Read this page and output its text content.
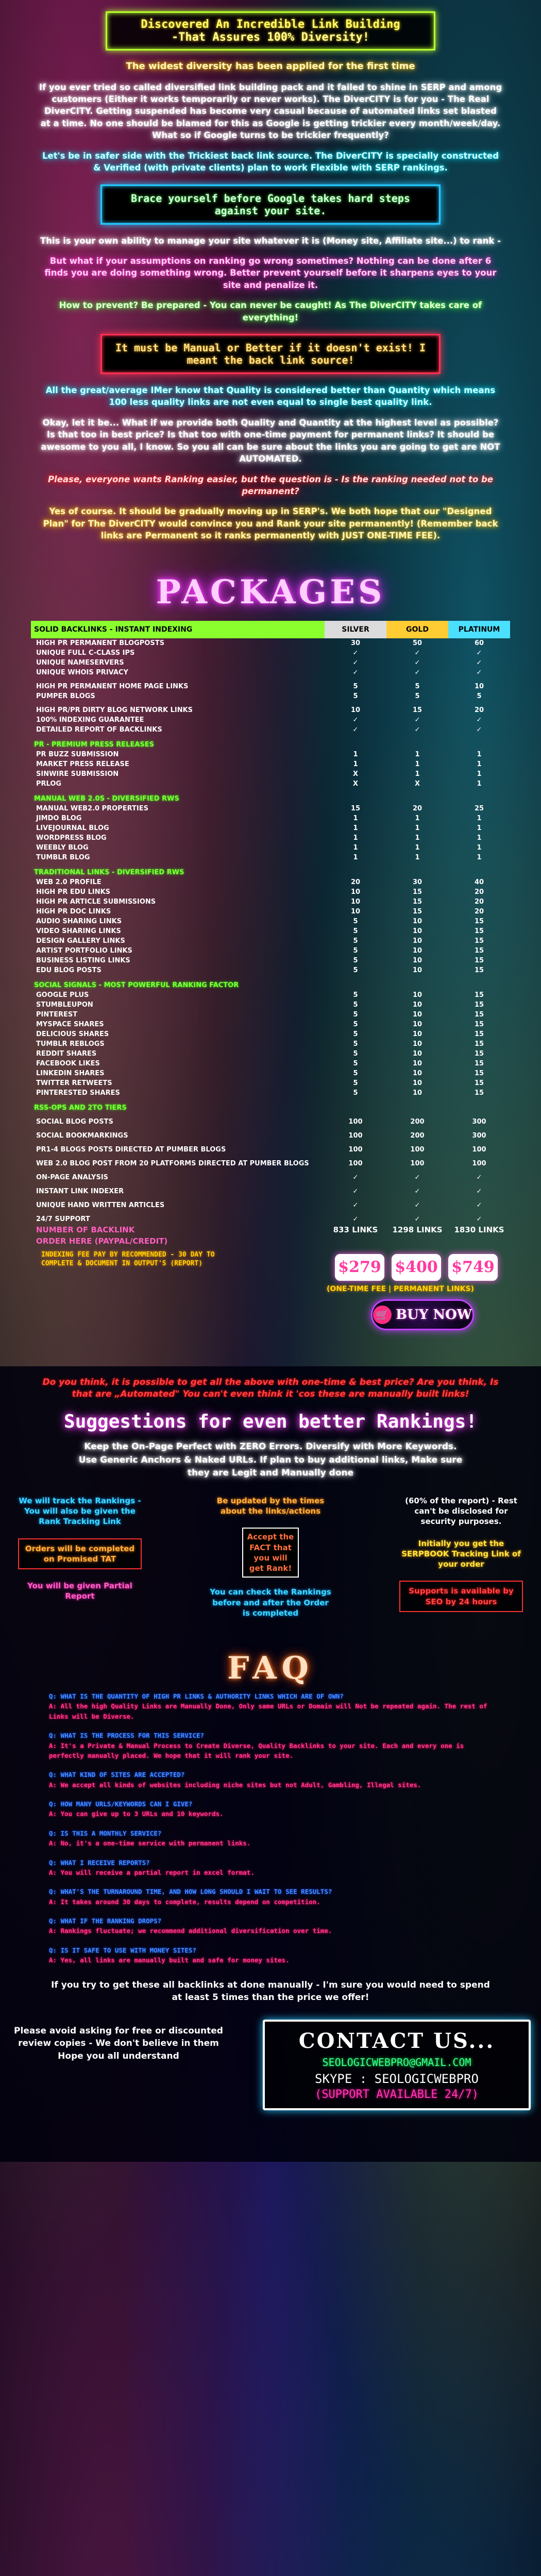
Discovered An Incredible Link Building
-That Assures 100% Diversity!

The widest diversity has been applied for the first time

If you ever tried so called diversified link building pack and it failed to shine in SERP and among customers (Either it works temporarily or never works). The DiverCITY is for you - The Real DiverCITY. Getting suspended has become very casual because of automated links set blasted at a time. No one should be blamed for this as Google is getting trickier every month/week/day. What so if Google turns to be trickier frequently?

Let's be in safer side with the Trickiest back link source. The DiverCITY is specially constructed & Verified (with private clients) plan to work Flexible with SERP rankings.

Brace yourself before Google takes hard steps against your site.

This is your own ability to manage your site whatever it is (Money site, Affiliate site...) to rank -

But what if your assumptions on ranking go wrong sometimes? Nothing can be done after 6 finds you are doing something wrong. Better prevent yourself before it sharpens eyes to your site and penalize it.

How to prevent? Be prepared - You can never be caught! As The DiverCITY takes care of everything!

It must be Manual or Better if it doesn't exist! I meant the back link source!

All the great/average IMer know that Quality is considered better than Quantity which means 100 less quality links are not even equal to single best quality link.

Okay, let it be... What if we provide both Quality and Quantity at the highest level as possible? Is that too in best price? Is that too with one-time payment for permanent links? It should be awesome to you all, I know. So you all can be sure about the links you are going to get are NOT AUTOMATED.

Please, everyone wants Ranking easier, but the question is - Is the ranking needed not to be permanent?

Yes of course. It should be gradually moving up in SERP's. We both hope that our "Designed Plan" for The DiverCITY would convince you and Rank your site permanently! (Remember back links are Permanent so it ranks permanently with JUST ONE-TIME FEE).

PACKAGES
SOLID BACKLINKS - INSTANT INDEXING	SILVER	GOLD	PLATINUM
HIGH PR PERMANENT BLOGPOSTS	30	50	60
UNIQUE FULL C-CLASS IPS	✓	✓	✓
UNIQUE NAMESERVERS	✓	✓	✓
UNIQUE WHOIS PRIVACY	✓	✓	✓

HIGH PR PERMANENT HOME PAGE LINKS	5	5	10
PUMPER BLOGS	5	5	5

HIGH PR/PR DIRTY BLOG NETWORK LINKS	10	15	20
100% INDEXING GUARANTEE	✓	✓	✓
DETAILED REPORT OF BACKLINKS	✓	✓	✓
PR - PREMIUM PRESS RELEASES			
PR BUZZ SUBMISSION	1	1	1
MARKET PRESS RELEASE	1	1	1
SINWIRE SUBMISSION	X	1	1
PRLOG	X	X	1
MANUAL WEB 2.0S - DIVERSIFIED RWS			
MANUAL WEB2.0 PROPERTIES	15	20	25
JIMDO BLOG	1	1	1
LIVEJOURNAL BLOG	1	1	1
WORDPRESS BLOG	1	1	1
WEEBLY BLOG	1	1	1
TUMBLR BLOG	1	1	1
TRADITIONAL LINKS - DIVERSIFIED RWS			
WEB 2.0 PROFILE	20	30	40
HIGH PR EDU LINKS	10	15	20
HIGH PR ARTICLE SUBMISSIONS	10	15	20
HIGH PR DOC LINKS	10	15	20
AUDIO SHARING LINKS	5	10	15
VIDEO SHARING LINKS	5	10	15
DESIGN GALLERY LINKS	5	10	15
ARTIST PORTFOLIO LINKS	5	10	15
BUSINESS LISTING LINKS	5	10	15
EDU BLOG POSTS	5	10	15
SOCIAL SIGNALS - MOST POWERFUL RANKING FACTOR			
GOOGLE PLUS	5	10	15
STUMBLEUPON	5	10	15
PINTEREST	5	10	15
MYSPACE SHARES	5	10	15
DELICIOUS SHARES	5	10	15
TUMBLR REBLOGS	5	10	15
REDDIT SHARES	5	10	15
FACEBOOK LIKES	5	10	15
LINKEDIN SHARES	5	10	15
TWITTER RETWEETS	5	10	15
PINTERESTED SHARES	5	10	15
RSS-OPS AND 2TO TIERS			

SOCIAL BLOG POSTS	100	200	300

SOCIAL BOOKMARKINGS	100	200	300

PR1-4 BLOGS POSTS DIRECTED AT PUMBER BLOGS	100	100	100

WEB 2.0 BLOG POST FROM 20 PLATFORMS DIRECTED AT PUMBER BLOGS	100	100	100

ON-PAGE ANALYSIS	✓	✓	✓

INSTANT LINK INDEXER	✓	✓	✓

UNIQUE HAND WRITTEN ARTICLES	✓	✓	✓

24/7 SUPPORT	✓	✓	✓
NUMBER OF BACKLINK	833 LINKS	1298 LINKS	1830 LINKS
ORDER HERE (PAYPAL/CREDIT)			
$279 $400 $749
INDEXING FEE PAY BY RECOMMENDED - 30 DAY TO COMPLETE & DOCUMENT IN OUTPUT'S (REPORT)
(ONE-TIME FEE | PERMANENT LINKS)
🛒 BUY NOW
Do you think, it is possible to get all the above with one-time & best price? Are you think, Is that are „Automated" You can't even think it 'cos these are manually built links!
Suggestions for even better Rankings!
Keep the On-Page Perfect with ZERO Errors. Diversify with More Keywords. Use Generic Anchors & Naked URLs. If plan to buy additional links, Make sure they are Legit and Manually done

We will track the Rankings - You will also be given the Rank Tracking Link

Orders will be completed on Promised TAT

You will be given Partial Report

Be updated by the times about the links/actions

Accept the FACT that you will get Rank!

You can check the Rankings before and after the Order is completed

(60% of the report) - Rest can't be disclosed for security purposes.

Initially you get the SERPBOOK Tracking Link of your order

Supports is available by SEO by 24 hours

FAQ
Q: WHAT IS THE QUANTITY OF HIGH PR LINKS & AUTHORITY LINKS WHICH ARE OF OWN?
A: All the high Quality Links are Manually Done, Only same URLs or Domain will Not be repeated again. The rest of Links will be Diverse.
Q: WHAT IS THE PROCESS FOR THIS SERVICE?
A: It's a Private & Manual Process to Create Diverse, Quality Backlinks to your site. Each and every one is perfectly manually placed. We hope that it will rank your site.
Q: WHAT KIND OF SITES ARE ACCEPTED?
A: We accept all kinds of websites including niche sites but not Adult, Gambling, Illegal sites.
Q: HOW MANY URLS/KEYWORDS CAN I GIVE?
A: You can give up to 3 URLs and 10 keywords.
Q: IS THIS A MONTHLY SERVICE?
A: No, it's a one-time service with permanent links.
Q: WHAT I RECEIVE REPORTS?
A: You will receive a partial report in excel format.
Q: WHAT'S THE TURNAROUND TIME, AND HOW LONG SHOULD I WAIT TO SEE RESULTS?
A: It takes around 30 days to complete, results depend on competition.
Q: WHAT IF THE RANKING DROPS?
A: Rankings fluctuate; we recommend additional diversification over time.
Q: IS IT SAFE TO USE WITH MONEY SITES?
A: Yes, all links are manually built and safe for money sites.
If you try to get these all backlinks at done manually - I'm sure you would need to spend at least 5 times than the price we offer!
Please avoid asking for free or discounted review copies - We don't believe in them Hope you all understand
CONTACT US...
SEOLOGICWEBPRO@GMAIL.COM
SKYPE : SEOLOGICWEBPRO
(SUPPORT AVAILABLE 24/7)
